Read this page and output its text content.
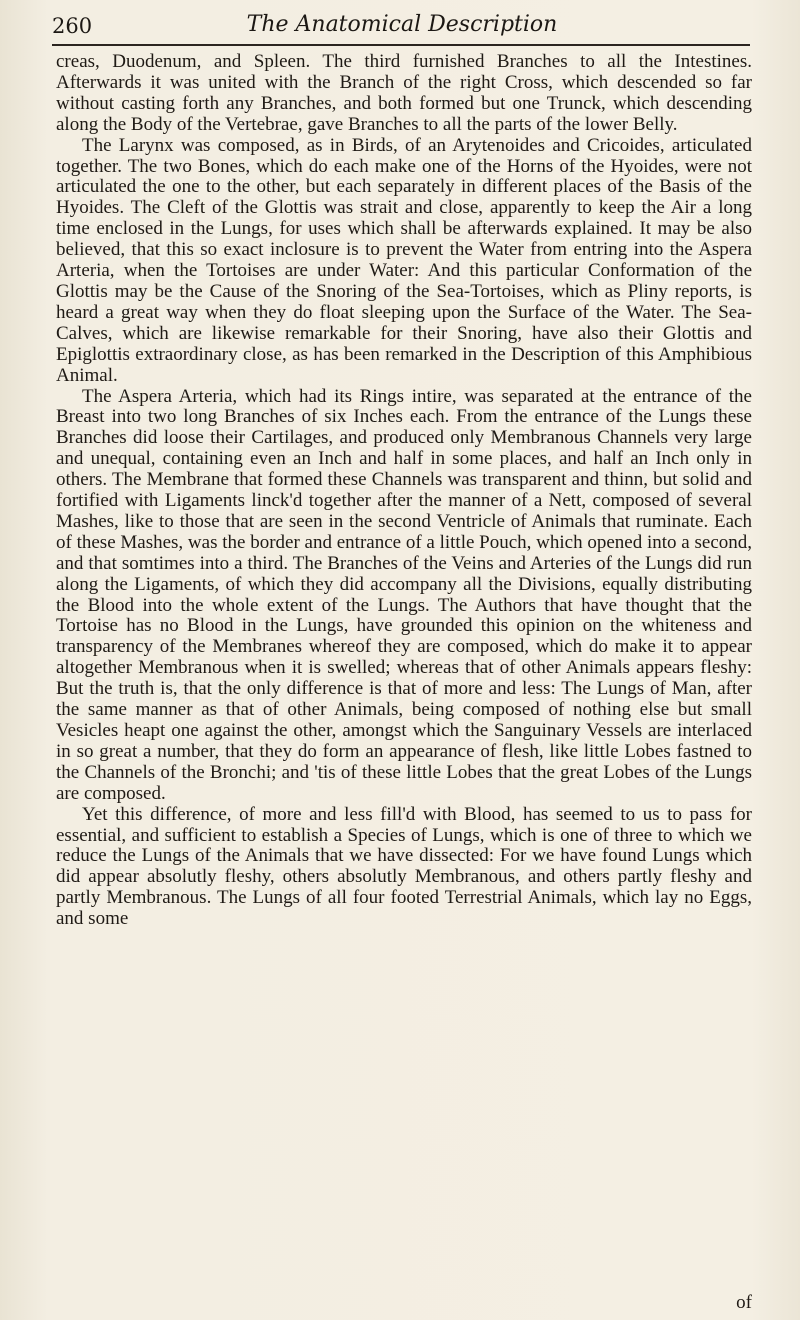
260	The Anatomical Description

creas, Duodenum, and Spleen. The third furnished Branches to all the Intestines. Afterwards it was united with the Branch of the right Cross, which descended so far without casting forth any Branches, and both formed but one Trunck, which descending along the Body of the Vertebrae, gave Branches to all the parts of the lower Belly.

The Larynx was composed, as in Birds, of an Arytenoides and Cricoides, articulated together. The two Bones, which do each make one of the Horns of the Hyoides, were not articulated the one to the other, but each separately in different places of the Basis of the Hyoides. The Cleft of the Glottis was strait and close, apparently to keep the Air a long time enclosed in the Lungs, for uses which shall be afterwards explained. It may be also believed, that this so exact inclosure is to prevent the Water from entring into the Aspera Arteria, when the Tortoises are under Water: And this particular Conformation of the Glottis may be the Cause of the Snoring of the Sea-Tortoises, which as Pliny reports, is heard a great way when they do float sleeping upon the Surface of the Water. The Sea-Calves, which are likewise remarkable for their Snoring, have also their Glottis and Epiglottis extraordinary close, as has been remarked in the Description of this Amphibious Animal.

The Aspera Arteria, which had its Rings intire, was separated at the entrance of the Breast into two long Branches of six Inches each. From the entrance of the Lungs these Branches did loose their Cartilages, and produced only Membranous Channels very large and unequal, containing even an Inch and half in some places, and half an Inch only in others. The Membrane that formed these Channels was transparent and thinn, but solid and fortified with Ligaments linck'd together after the manner of a Nett, composed of several Mashes, like to those that are seen in the second Ventricle of Animals that ruminate. Each of these Mashes, was the border and entrance of a little Pouch, which opened into a second, and that somtimes into a third. The Branches of the Veins and Arteries of the Lungs did run along the Ligaments, of which they did accompany all the Divisions, equally distributing the Blood into the whole extent of the Lungs. The Authors that have thought that the Tortoise has no Blood in the Lungs, have grounded this opinion on the whiteness and transparency of the Membranes whereof they are composed, which do make it to appear altogether Membranous when it is swelled; whereas that of other Animals appears fleshy: But the truth is, that the only difference is that of more and less: The Lungs of Man, after the same manner as that of other Animals, being composed of nothing else but small Vesicles heapt one against the other, amongst which the Sanguinary Vessels are interlaced in so great a number, that they do form an appearance of flesh, like little Lobes fastned to the Channels of the Bronchi; and 'tis of these little Lobes that the great Lobes of the Lungs are composed.

Yet this difference, of more and less fill'd with Blood, has seemed to us to pass for essential, and sufficient to establish a Species of Lungs, which is one of three to which we reduce the Lungs of the Animals that we have dissected: For we have found Lungs which did appear absolutly fleshy, others absolutly Membranous, and others partly fleshy and partly Membranous. The Lungs of all four footed Terrestrial Animals, which lay no Eggs, and some

of
